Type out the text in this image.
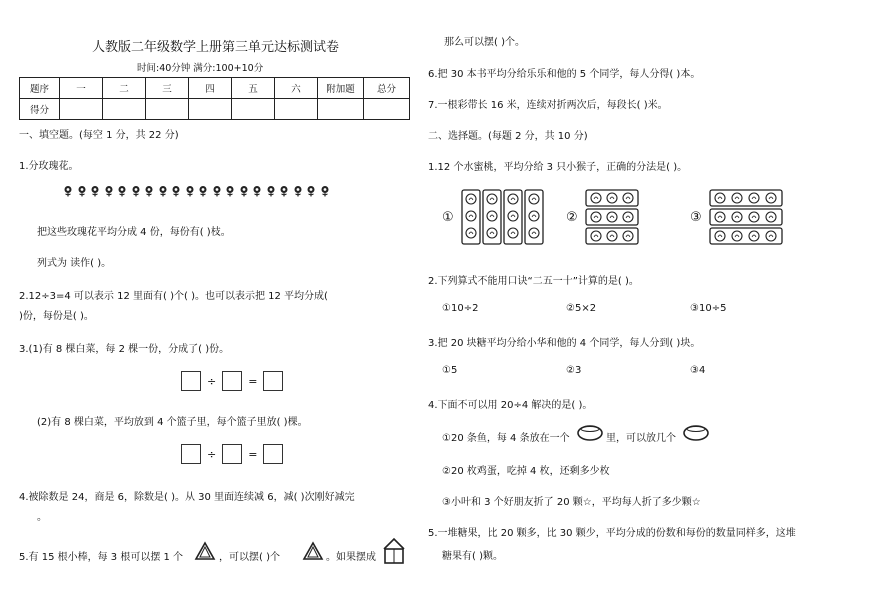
人教版二年级数学上册第三单元达标测试卷
时间:40分钟 满分:100+10分
题序	一	二	三	四	五	六	附加题	总分
得分								
一、填空题。(每空 1 分，共 22 分)
1.分玫瑰花。
把这些玫瑰花平均分成 4 份，每份有( )枝。
列式为 读作( )。
2.12÷3=4 可以表示 12 里面有( )个( )。也可以表示把 12 平均分成(
)份，每份是( )。
3.(1)有 8 棵白菜，每 2 棵一份，分成了( )份。
÷	=
(2)有 8 棵白菜，平均放到 4 个篮子里，每个篮子里放( )棵。
÷	=
4.被除数是 24，商是 6，除数是( )。从 30 里面连续减 6，减( )次刚好减完
。
5.有 15 根小棒，每 3 根可以摆 1 个	，可以摆( )个	。如果摆成
那么可以摆( )个。
6.把 30 本书平均分给乐乐和他的 5 个同学，每人分得( )本。
7.一根彩带长 16 米，连续对折两次后，每段长( )米。
二、选择题。(每题 2 分，共 10 分)
1.12 个水蜜桃，平均分给 3 只小猴子，正确的分法是( )。
①	②	③
2.下列算式不能用口诀“二五一十”计算的是( )。
①10÷2	②5×2	③10÷5
3.把 20 块糖平均分给小华和他的 4 个同学，每人分到( )块。
①5	②3	③4
4.下面不可以用 20÷4 解决的是( )。
①20 条鱼，每 4 条放在一个	里，可以放几个
②20 枚鸡蛋，吃掉 4 枚，还剩多少枚
③小叶和 3 个好朋友折了 20 颗☆，平均每人折了多少颗☆
5.一堆糖果，比 20 颗多，比 30 颗少，平均分成的份数和每份的数量同样多，这堆
糖果有( )颗。
